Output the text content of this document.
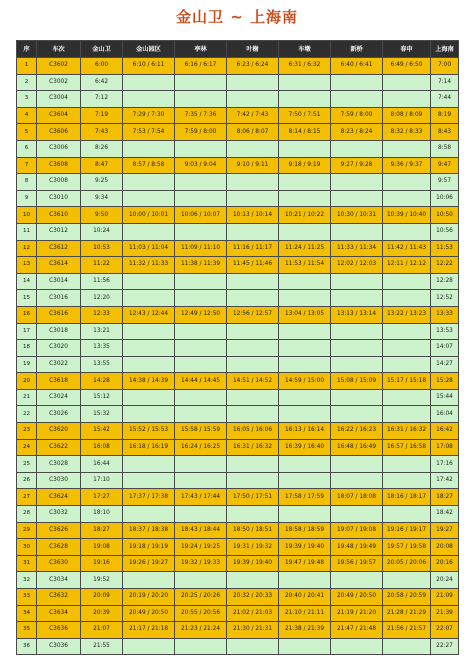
金山卫 ~ 上海南
序	车次	金山卫	金山园区	亭林	叶榭	车墩	新桥	春申	上海南
1	C3602	6:00	6:10 / 6:11	6:16 / 6:17	6:23 / 6:24	6:31 / 6:32	6:40 / 6:41	6:49 / 6:50	7:00
2	C3002	6:42							7:14
3	C3004	7:12							7:44
4	C3604	7:19	7:29 / 7:30	7:35 / 7:36	7:42 / 7:43	7:50 / 7:51	7:59 / 8:00	8:08 / 8:09	8:19
5	C3606	7:43	7:53 / 7:54	7:59 / 8:00	8:06 / 8:07	8:14 / 8:15	8:23 / 8:24	8:32 / 8:33	8:43
6	C3006	8:26							8:58
7	C3608	8:47	8:57 / 8:58	9:03 / 9:04	9:10 / 9:11	9:18 / 9:19	9:27 / 9:28	9:36 / 9:37	9:47
8	C3008	9:25							9:57
9	C3010	9:34							10:06
10	C3610	9:50	10:00 / 10:01	10:06 / 10:07	10:13 / 10:14	10:21 / 10:22	10:30 / 10:31	10:39 / 10:40	10:50
11	C3012	10:24							10:56
12	C3612	10:53	11:03 / 11:04	11:09 / 11:10	11:16 / 11:17	11:24 / 11:25	11:33 / 11:34	11:42 / 11:43	11:53
13	C3614	11:22	11:32 / 11:33	11:38 / 11:39	11:45 / 11:46	11:53 / 11:54	12:02 / 12:03	12:11 / 12:12	12:22
14	C3014	11:56							12:28
15	C3016	12:20							12:52
16	C3616	12:33	12:43 / 12:44	12:49 / 12:50	12:56 / 12:57	13:04 / 13:05	13:13 / 13:14	13:22 / 13:23	13:33
17	C3018	13:21							13:53
18	C3020	13:35							14:07
19	C3022	13:55							14:27
20	C3618	14:28	14:38 / 14:39	14:44 / 14:45	14:51 / 14:52	14:59 / 15:00	15:08 / 15:09	15:17 / 15:18	15:28
21	C3024	15:12							15:44
22	C3026	15:32							16:04
23	C3620	15:42	15:52 / 15:53	15:58 / 15:59	16:05 / 16:06	16:13 / 16:14	16:22 / 16:23	16:31 / 16:32	16:42
24	C3622	16:08	16:18 / 16:19	16:24 / 16:25	16:31 / 16:32	16:39 / 16:40	16:48 / 16:49	16:57 / 16:58	17:08
25	C3028	16:44							17:16
26	C3030	17:10							17:42
27	C3624	17:27	17:37 / 17:38	17:43 / 17:44	17:50 / 17:51	17:58 / 17:59	18:07 / 18:08	18:16 / 18:17	18:27
28	C3032	18:10							18:42
29	C3626	18:27	18:37 / 18:38	18:43 / 18:44	18:50 / 18:51	18:58 / 18:59	19:07 / 19:08	19:16 / 19:17	19:27
30	C3628	19:08	19:18 / 19:19	19:24 / 19:25	19:31 / 19:32	19:39 / 19:40	19:48 / 19:49	19:57 / 19:58	20:08
31	C3630	19:16	19:26 / 19:27	19:32 / 19:33	19:39 / 19:40	19:47 / 19:48	19:56 / 19:57	20:05 / 20:06	20:16
32	C3034	19:52							20:24
33	C3632	20:09	20:19 / 20:20	20:25 / 20:26	20:32 / 20:33	20:40 / 20:41	20:49 / 20:50	20:58 / 20:59	21:09
34	C3634	20:39	20:49 / 20:50	20:55 / 20:56	21:02 / 21:03	21:10 / 21:11	21:19 / 21:20	21:28 / 21:29	21:39
35	C3636	21:07	21:17 / 21:18	21:23 / 21:24	21:30 / 21:31	21:38 / 21:39	21:47 / 21:48	21:56 / 21:57	22:07
36	C3036	21:55							22:27
